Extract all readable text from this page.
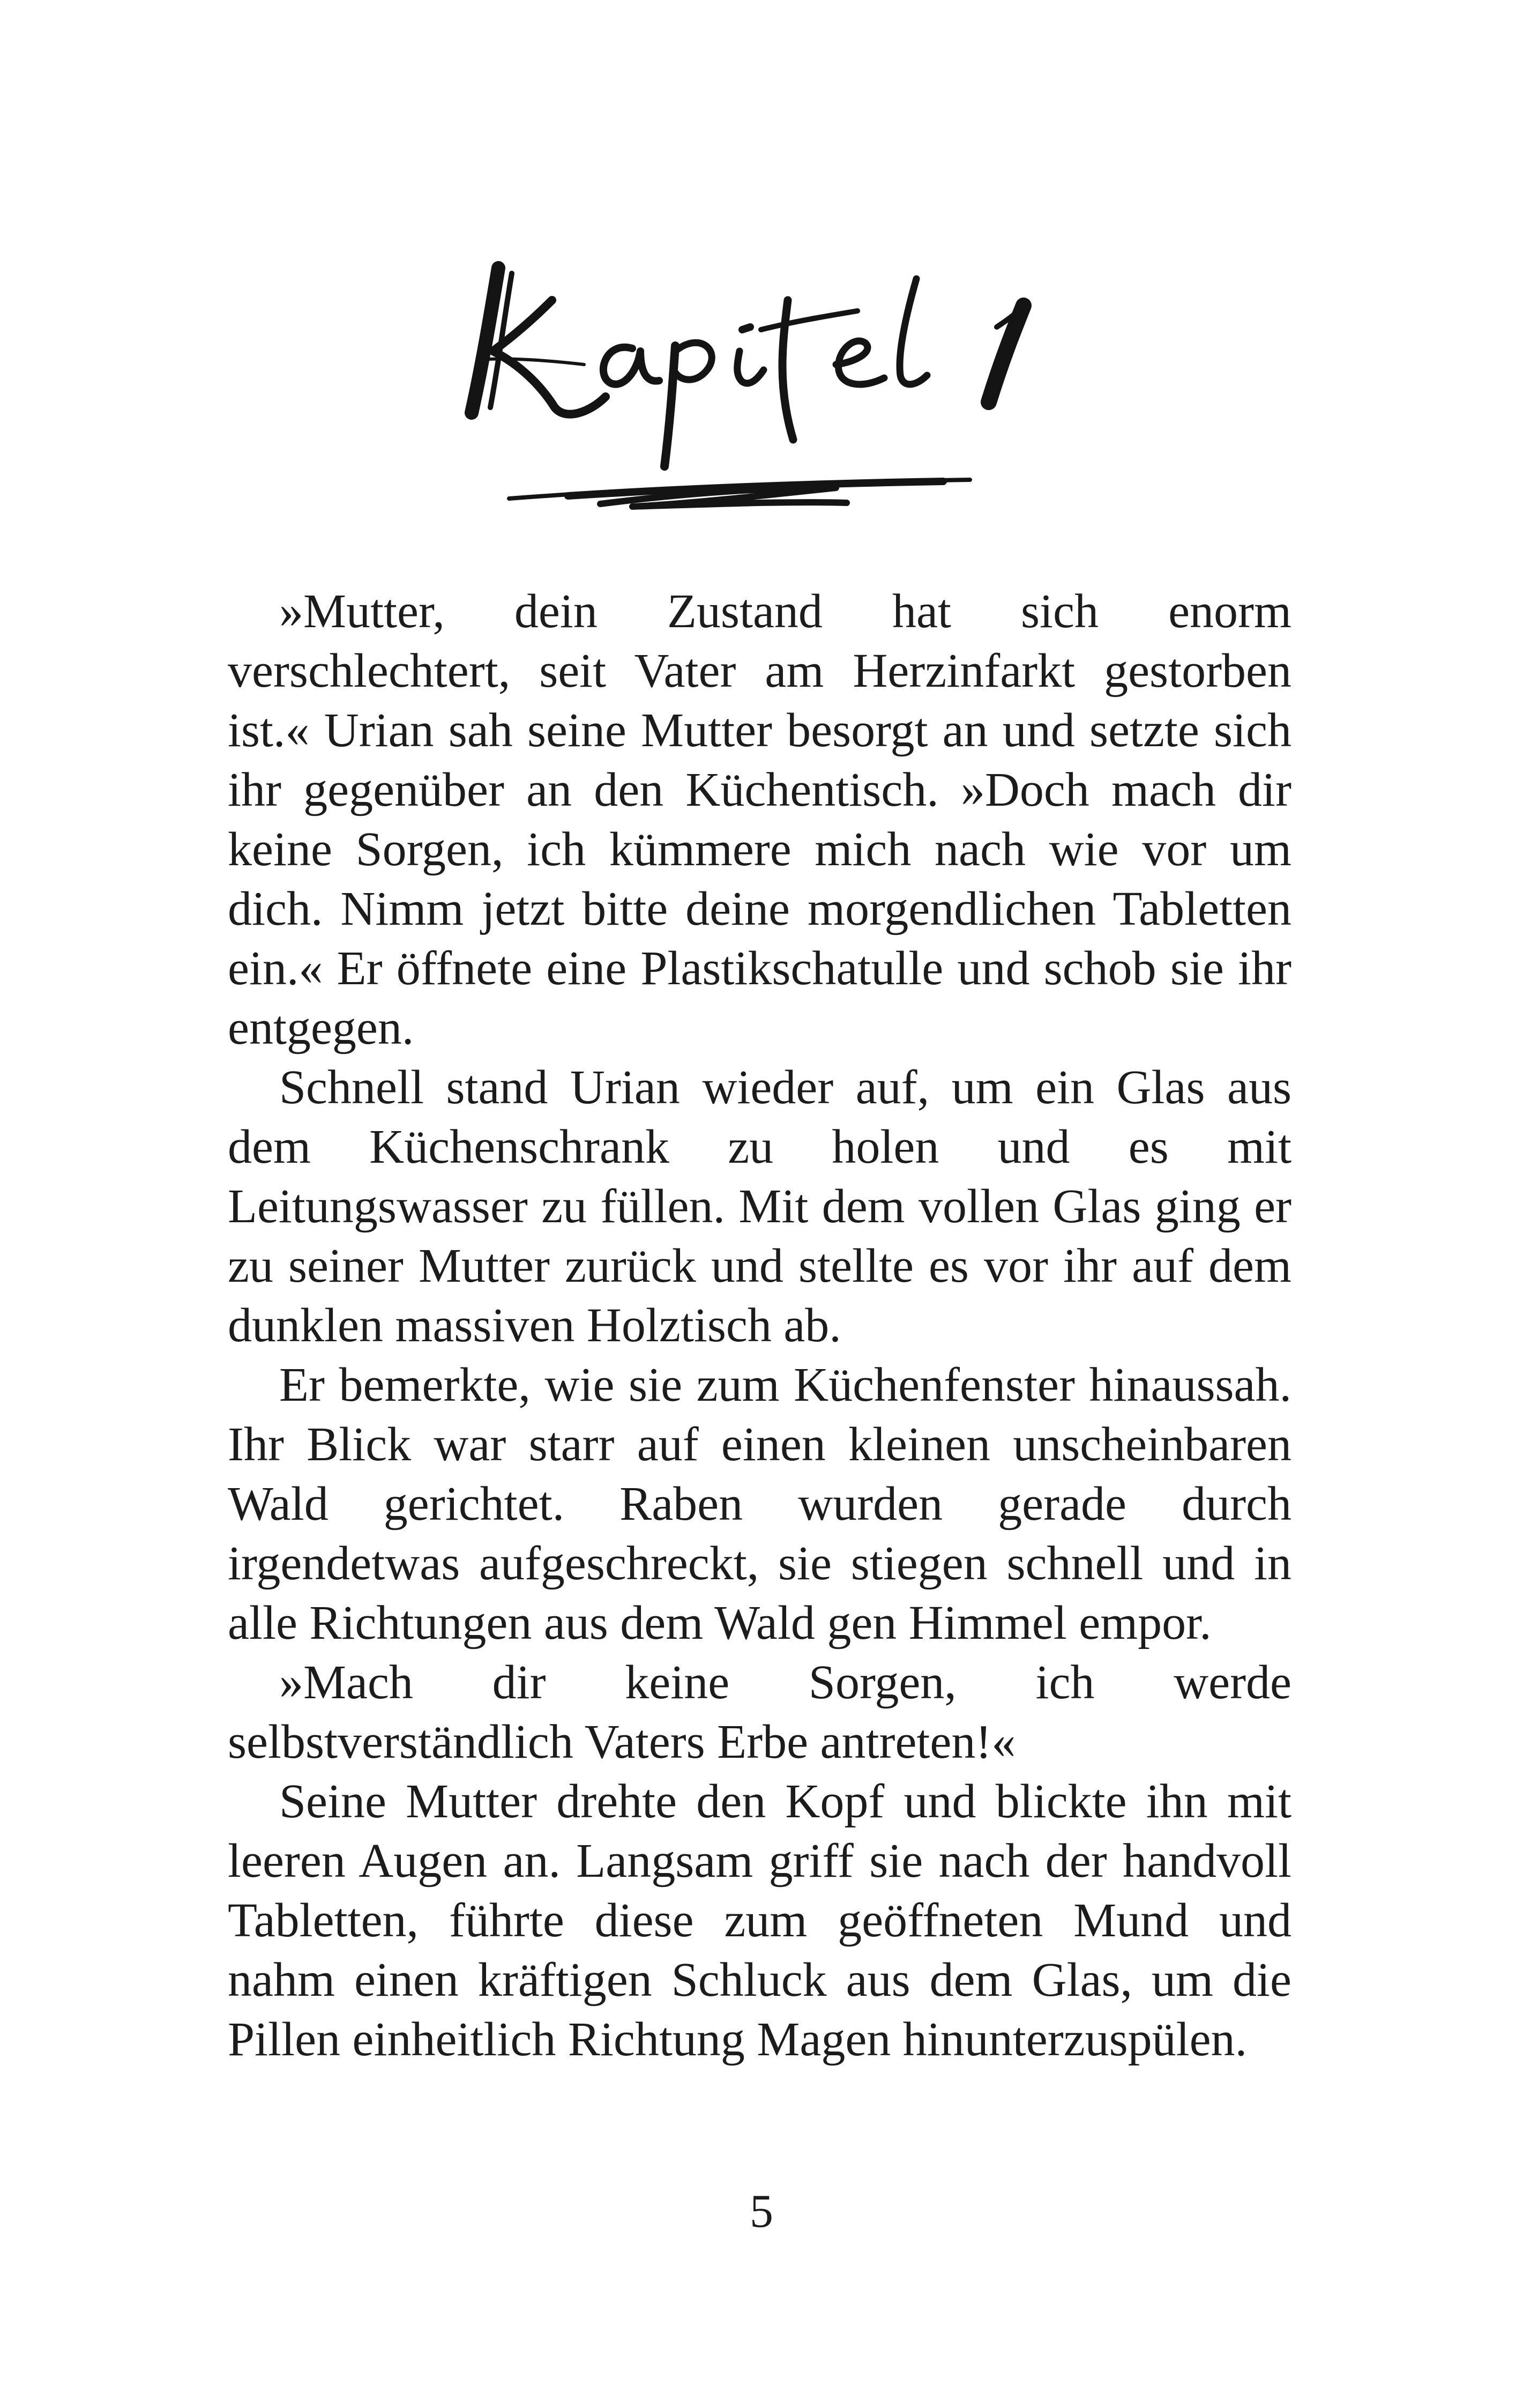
»Mutter, dein Zustand hat sich enorm verschlechtert, seit Vater am Herzinfarkt gestorben ist.« Urian sah seine Mutter besorgt an und setzte sich ihr gegenüber an den Küchentisch. »Doch mach dir keine Sorgen, ich kümmere mich nach wie vor um dich. Nimm jetzt bitte deine morgendlichen Tabletten ein.« Er öffnete eine Plastikschatulle und schob sie ihr entgegen.

Schnell stand Urian wieder auf, um ein Glas aus dem Küchenschrank zu holen und es mit Leitungswasser zu füllen. Mit dem vollen Glas ging er zu seiner Mutter zurück und stellte es vor ihr auf dem dunklen massiven Holztisch ab.

Er bemerkte, wie sie zum Küchenfenster hinaussah. Ihr Blick war starr auf einen kleinen unscheinbaren Wald gerichtet. Raben wurden gerade durch irgendetwas aufgeschreckt, sie stiegen schnell und in alle Richtungen aus dem Wald gen Himmel empor.

»Mach dir keine Sorgen, ich werde selbstverständlich Vaters Erbe antreten!«

Seine Mutter drehte den Kopf und blickte ihn mit leeren Augen an. Langsam griff sie nach der handvoll Tabletten, führte diese zum geöffneten Mund und nahm einen kräftigen Schluck aus dem Glas, um die Pillen einheitlich Richtung Magen hinunterzuspülen.

5
